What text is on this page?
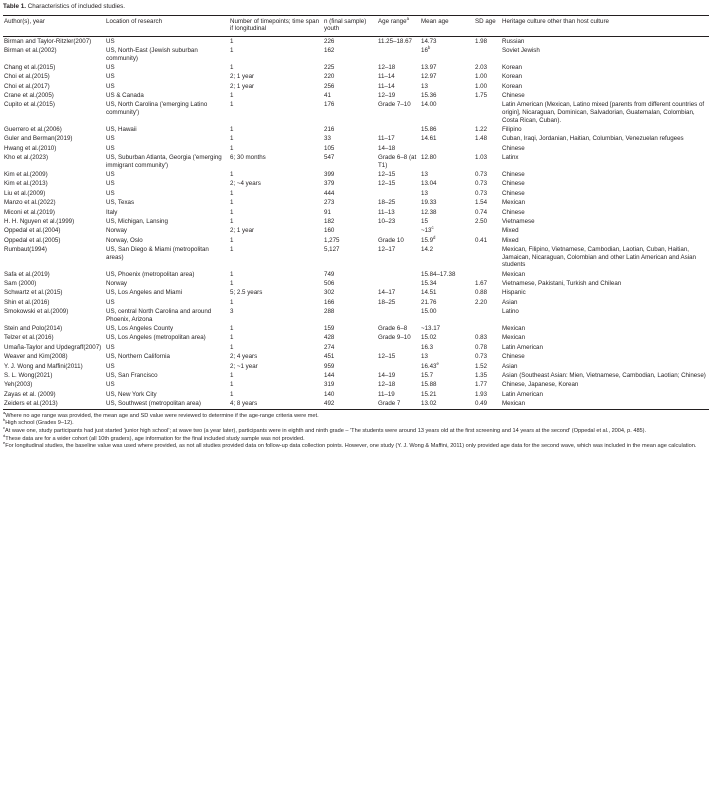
Table 1. Characteristics of included studies.
Author(s), year	Location of research	Number of timepoints; time span if longitudinal	n (final sample) youth	Age range$^a$	Mean age	SD age	Heritage culture other than host culture
Birman and Taylor-Ritzler(2007)	US	1	226	11.25–18.67	14.73	1.98	Russian
Birman et al.(2002)	US, North-East (Jewish suburban community)	1	162		16$^b$		Soviet Jewish
Chang et al.(2015)	US	1	225	12–18	13.97	2.03	Korean
Choi et al.(2015)	US	2; 1 year	220	11–14	12.97	1.00	Korean
Choi et al.(2017)	US	2; 1 year	256	11–14	13	1.00	Korean
Crane et al.(2005)	US & Canada	1	41	12–19	15.36	1.75	Chinese
Cupito et al.(2015)	US, North Carolina ('emerging Latino community')	1	176	Grade 7–10	14.00		Latin American (Mexican, Latino mixed [parents from different countries of origin], Nicaraguan, Dominican, Salvadorian, Guatemalan, Colombian, Costa Rican, Cuban).
Guerrero et al.(2006)	US, Hawaii	1	216		15.86	1.22	Filipino
Guler and Berman(2019)	US	1	33	11–17	14.61	1.48	Cuban, Iraqi, Jordanian, Haitian, Columbian, Venezuelan refugees
Hwang et al.(2010)	US	1	105	14–18			Chinese
Kho et al.(2023)	US, Suburban Atlanta, Georgia ('emerging immigrant community')	6; 30 months	547	Grade 6–8 (at T1)	12.80	1.03	Latinx
Kim et al.(2009)	US	1	399	12–15	13	0.73	Chinese
Kim et al.(2013)	US	2; ~4 years	379	12–15	13.04	0.73	Chinese
Liu et al.(2009)	US	1	444		13	0.73	Chinese
Manzo et al.(2022)	US, Texas	1	273	18–25	19.33	1.54	Mexican
Miconi et al.(2019)	Italy	1	91	11–13	12.38	0.74	Chinese
H. H. Nguyen et al.(1999)	US, Michigan, Lansing	1	182	10–23	15	2.50	Vietnamese
Oppedal et al.(2004)	Norway	2; 1 year	160		~13$^c$		Mixed
Oppedal et al.(2005)	Norway, Oslo	1	1,275	Grade 10	15.9$^d$	0.41	Mixed
Rumbaut(1994)	US, San Diego & Miami (metropolitan areas)	1	5,127	12–17	14.2		Mexican, Filipino, Vietnamese, Cambodian, Laotian, Cuban, Haitian, Jamaican, Nicaraguan, Colombian and other Latin American and Asian students
Safa et al.(2019)	US, Phoenix (metropolitan area)	1	749		15.84–17.38		Mexican
Sam (2000)	Norway	1	506		15.34	1.67	Vietnamese, Pakistani, Turkish and Chilean
Schwartz et al.(2015)	US, Los Angeles and Miami	5; 2.5 years	302	14–17	14.51	0.88	Hispanic
Shin et al.(2016)	US	1	166	18–25	21.76	2.20	Asian
Smokowski et al.(2009)	US, central North Carolina and around Phoenix, Arizona	3	288		15.00		Latino
Stein and Polo(2014)	US, Los Angeles County	1	159	Grade 6–8	~13.17		Mexican
Telzer et al.(2016)	US, Los Angeles (metropolitan area)	1	428	Grade 9–10	15.02	0.83	Mexican
Umaña-Taylor and Updegraff(2007)	US	1	274		16.3	0.78	Latin American
Weaver and Kim(2008)	US, Northern California	2; 4 years	451	12–15	13	0.73	Chinese
Y. J. Wong and Maffini(2011)	US	2; ~1 year	959		16.43e	1.52	Asian
S. L. Wong(2021)	US, San Francisco	1	144	14–19	15.7	1.35	Asian (Southeast Asian: Mien, Vietnamese, Cambodian, Laotian; Chinese)
Yeh(2003)	US	1	319	12–18	15.88	1.77	Chinese, Japanese, Korean
Zayas et al. (2009)	US, New York City	1	140	11–19	15.21	1.93	Latin American
Zeiders et al.(2013)	US, Southwest (metropolitan area)	4; 8 years	492	Grade 7	13.02	0.49	Mexican
$^a$Where no age range was provided, the mean age and SD value were reviewed to determine if the age-range criteria were met.
$^b$High school (Grades 9–12).
$^c$At wave one, study participants had just started 'junior high school'; at wave two (a year later), participants were in eighth and ninth grade – 'The students were around 13 years old at the first screening and 14 years at the second' (Oppedal et al., 2004, p. 485).
$^d$These data are for a wider cohort (all 10th graders), age information for the final included study sample was not provided.
$^e$For longitudinal studies, the baseline value was used where provided, as not all studies provided data on follow-up data collection points. However, one study (Y. J. Wong & Maffini, 2011) only provided age data for the second wave, which was included in the mean age calculation.
